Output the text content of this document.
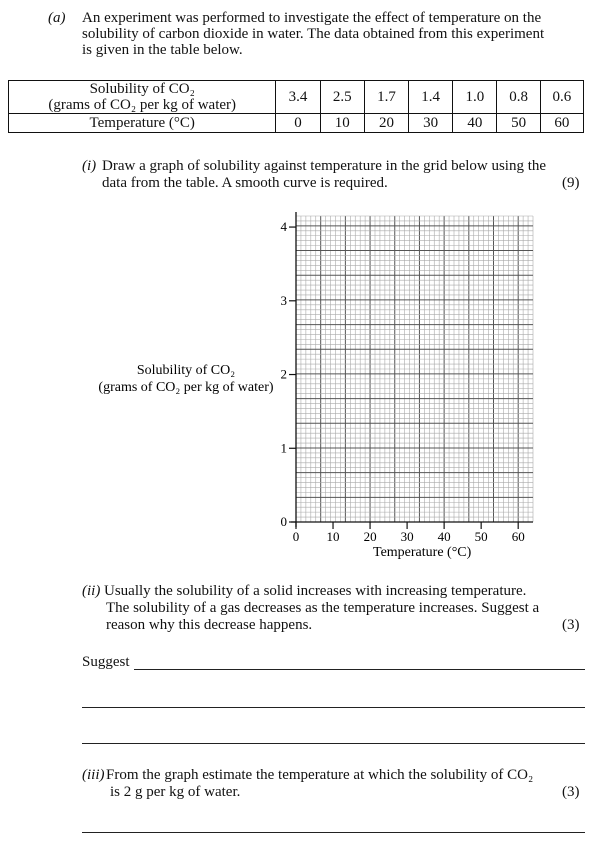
(a) An experiment was performed to investigate the effect of temperature on the
solubility of carbon dioxide in water. The data obtained from this experiment
is given in the table below.
Solubility of CO₂
(grams of CO₂ per kg of water)	3.4	2.5	1.7	1.4	1.0	0.8	0.6
Temperature (°C)	0	10	20	30	40	50	60
(i) Draw a graph of solubility against temperature in the grid below using the
data from the table. A smooth curve is required.	(9)
0
1
2
3
4
0 10 20 30 40 50 60
Temperature (°C)
Solubility of CO₂
(grams of CO₂ per kg of water)
(ii) Usually the solubility of a solid increases with increasing temperature.
The solubility of a gas decreases as the temperature increases. Suggest a
reason why this decrease happens.	(3)
Suggest
(iii) From the graph estimate the temperature at which the solubility of CO₂
is 2 g per kg of water.	(3)
